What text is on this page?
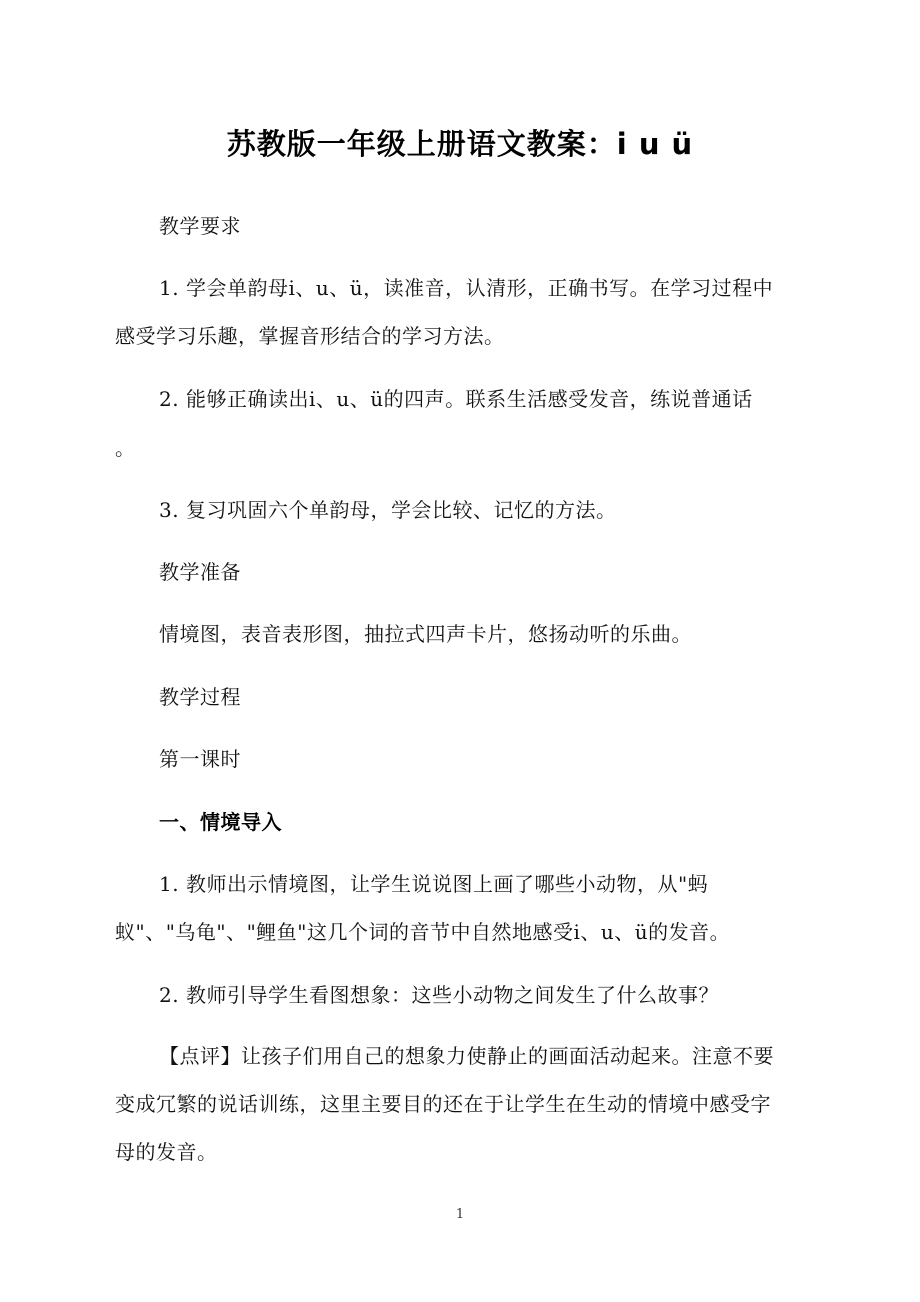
苏教版一年级上册语文教案：i u ü

教学要求

1. 学会单韵母i、u、ü，读准音，认清形，正确书写。在学习过程中感受学习乐趣，掌握音形结合的学习方法。

2. 能够正确读出i、u、ü的四声。联系生活感受发音，练说普通话

。

3. 复习巩固六个单韵母，学会比较、记忆的方法。

教学准备

情境图，表音表形图，抽拉式四声卡片，悠扬动听的乐曲。

教学过程

第一课时

一、情境导入

1. 教师出示情境图，让学生说说图上画了哪些小动物，从"蚂蚁"、"乌龟"、"鲤鱼"这几个词的音节中自然地感受i、u、ü的发音。

2. 教师引导学生看图想象：这些小动物之间发生了什么故事？

【点评】让孩子们用自己的想象力使静止的画面活动起来。注意不要变成冗繁的说话训练，这里主要目的还在于让学生在生动的情境中感受字母的发音。

1
